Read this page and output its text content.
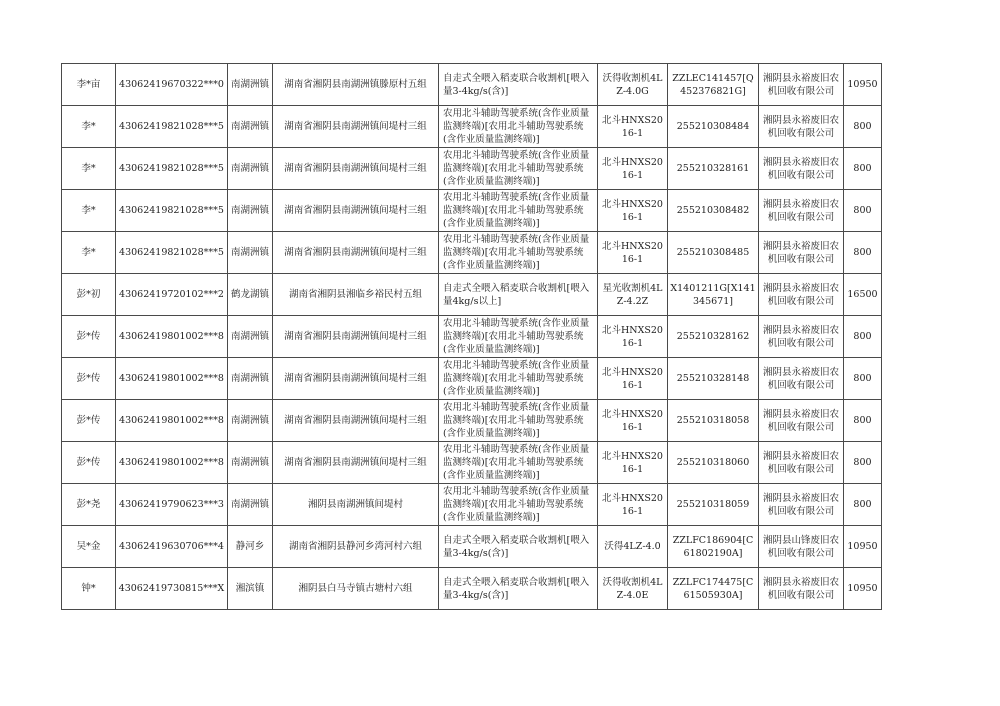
李*亩	43062419670322***0	南湖洲镇	湖南省湘阴县南湖洲镇滕原村五组	自走式全喂入稻麦联合收割机[喂入量3-4kg/s(含)]	沃得收割机4LZ-4.0G	ZZLEC141457[Q452376821G]	湘阴县永裕废旧农机回收有限公司	10950
李*	43062419821028***5	南湖洲镇	湖南省湘阴县南湖洲镇间堤村三组	农用北斗辅助驾驶系统(含作业质量监测终端)[农用北斗辅助驾驶系统(含作业质量监测终端)]	北斗HNXS2016-1	255210308484	湘阴县永裕废旧农机回收有限公司	800
李*	43062419821028***5	南湖洲镇	湖南省湘阴县南湖洲镇间堤村三组	农用北斗辅助驾驶系统(含作业质量监测终端)[农用北斗辅助驾驶系统(含作业质量监测终端)]	北斗HNXS2016-1	255210328161	湘阴县永裕废旧农机回收有限公司	800
李*	43062419821028***5	南湖洲镇	湖南省湘阴县南湖洲镇间堤村三组	农用北斗辅助驾驶系统(含作业质量监测终端)[农用北斗辅助驾驶系统(含作业质量监测终端)]	北斗HNXS2016-1	255210308482	湘阴县永裕废旧农机回收有限公司	800
李*	43062419821028***5	南湖洲镇	湖南省湘阴县南湖洲镇间堤村三组	农用北斗辅助驾驶系统(含作业质量监测终端)[农用北斗辅助驾驶系统(含作业质量监测终端)]	北斗HNXS2016-1	255210308485	湘阴县永裕废旧农机回收有限公司	800
彭*初	43062419720102***2	鹤龙湖镇	湖南省湘阴县湘临乡裕民村五组	自走式全喂入稻麦联合收割机[喂入量4kg/s以上]	星光收割机4LZ-4.2Z	X1401211G[X141345671]	湘阴县永裕废旧农机回收有限公司	16500
彭*传	43062419801002***8	南湖洲镇	湖南省湘阴县南湖洲镇间堤村三组	农用北斗辅助驾驶系统(含作业质量监测终端)[农用北斗辅助驾驶系统(含作业质量监测终端)]	北斗HNXS2016-1	255210328162	湘阴县永裕废旧农机回收有限公司	800
彭*传	43062419801002***8	南湖洲镇	湖南省湘阴县南湖洲镇间堤村三组	农用北斗辅助驾驶系统(含作业质量监测终端)[农用北斗辅助驾驶系统(含作业质量监测终端)]	北斗HNXS2016-1	255210328148	湘阴县永裕废旧农机回收有限公司	800
彭*传	43062419801002***8	南湖洲镇	湖南省湘阴县南湖洲镇间堤村三组	农用北斗辅助驾驶系统(含作业质量监测终端)[农用北斗辅助驾驶系统(含作业质量监测终端)]	北斗HNXS2016-1	255210318058	湘阴县永裕废旧农机回收有限公司	800
彭*传	43062419801002***8	南湖洲镇	湖南省湘阴县南湖洲镇间堤村三组	农用北斗辅助驾驶系统(含作业质量监测终端)[农用北斗辅助驾驶系统(含作业质量监测终端)]	北斗HNXS2016-1	255210318060	湘阴县永裕废旧农机回收有限公司	800
彭*尧	43062419790623***3	南湖洲镇	湘阴县南湖洲镇间堤村	农用北斗辅助驾驶系统(含作业质量监测终端)[农用北斗辅助驾驶系统(含作业质量监测终端)]	北斗HNXS2016-1	255210318059	湘阴县永裕废旧农机回收有限公司	800
吴*金	43062419630706***4	静河乡	湖南省湘阴县静河乡湾河村六组	自走式全喂入稻麦联合收割机[喂入量3-4kg/s(含)]	沃得4LZ-4.0	ZZLFC186904[C61802190A]	湘阴县山锋废旧农机回收有限公司	10950
钟*	43062419730815***X	湘滨镇	湘阴县白马寺镇古塘村六组	自走式全喂入稻麦联合收割机[喂入量3-4kg/s(含)]	沃得收割机4LZ-4.0E	ZZLFC174475[C61505930A]	湘阴县永裕废旧农机回收有限公司	10950
